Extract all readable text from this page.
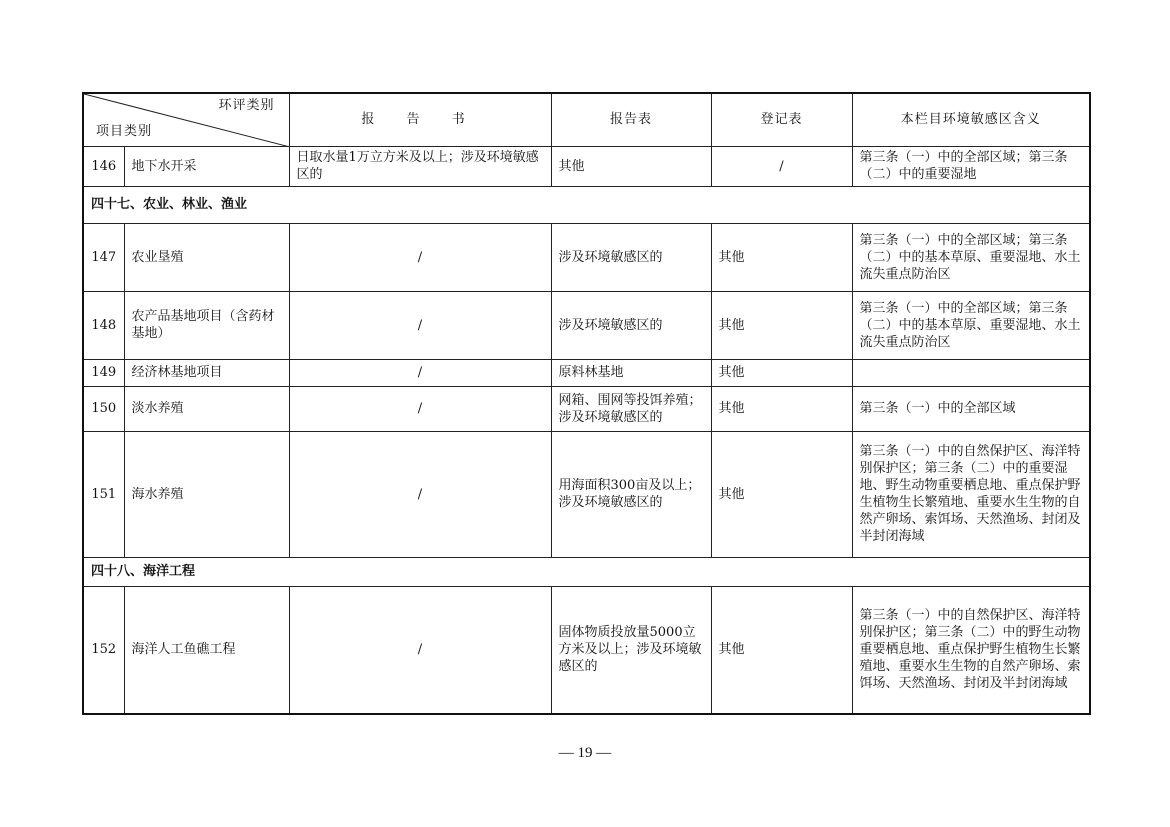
环评类别
项目类别		报 告 书	报告表	登记表	本栏目环境敏感区含义
146	地下水开采	日取水量1万立方米及以上；涉及环境敏感区的	其他	/	第三条（一）中的全部区域；第三条（二）中的重要湿地
四十七、农业、林业、渔业					
147	农业垦殖	/	涉及环境敏感区的	其他	第三条（一）中的全部区域；第三条（二）中的基本草原、重要湿地、水土流失重点防治区
148	农产品基地项目（含药材基地）	/	涉及环境敏感区的	其他	第三条（一）中的全部区域；第三条（二）中的基本草原、重要湿地、水土流失重点防治区
149	经济林基地项目	/	原料林基地	其他	
150	淡水养殖	/	网箱、围网等投饵养殖；涉及环境敏感区的	其他	第三条（一）中的全部区域
151	海水养殖	/	用海面积300亩及以上；涉及环境敏感区的	其他	第三条（一）中的自然保护区、海洋特别保护区；第三条（二）中的重要湿地、野生动物重要栖息地、重点保护野生植物生长繁殖地、重要水生生物的自然产卵场、索饵场、天然渔场、封闭及半封闭海域
四十八、海洋工程					
152	海洋人工鱼礁工程	/	固体物质投放量5000立方米及以上；涉及环境敏感区的	其他	第三条（一）中的自然保护区、海洋特别保护区；第三条（二）中的野生动物重要栖息地、重点保护野生植物生长繁殖地、重要水生生物的自然产卵场、索饵场、天然渔场、封闭及半封闭海域
— 19 —
